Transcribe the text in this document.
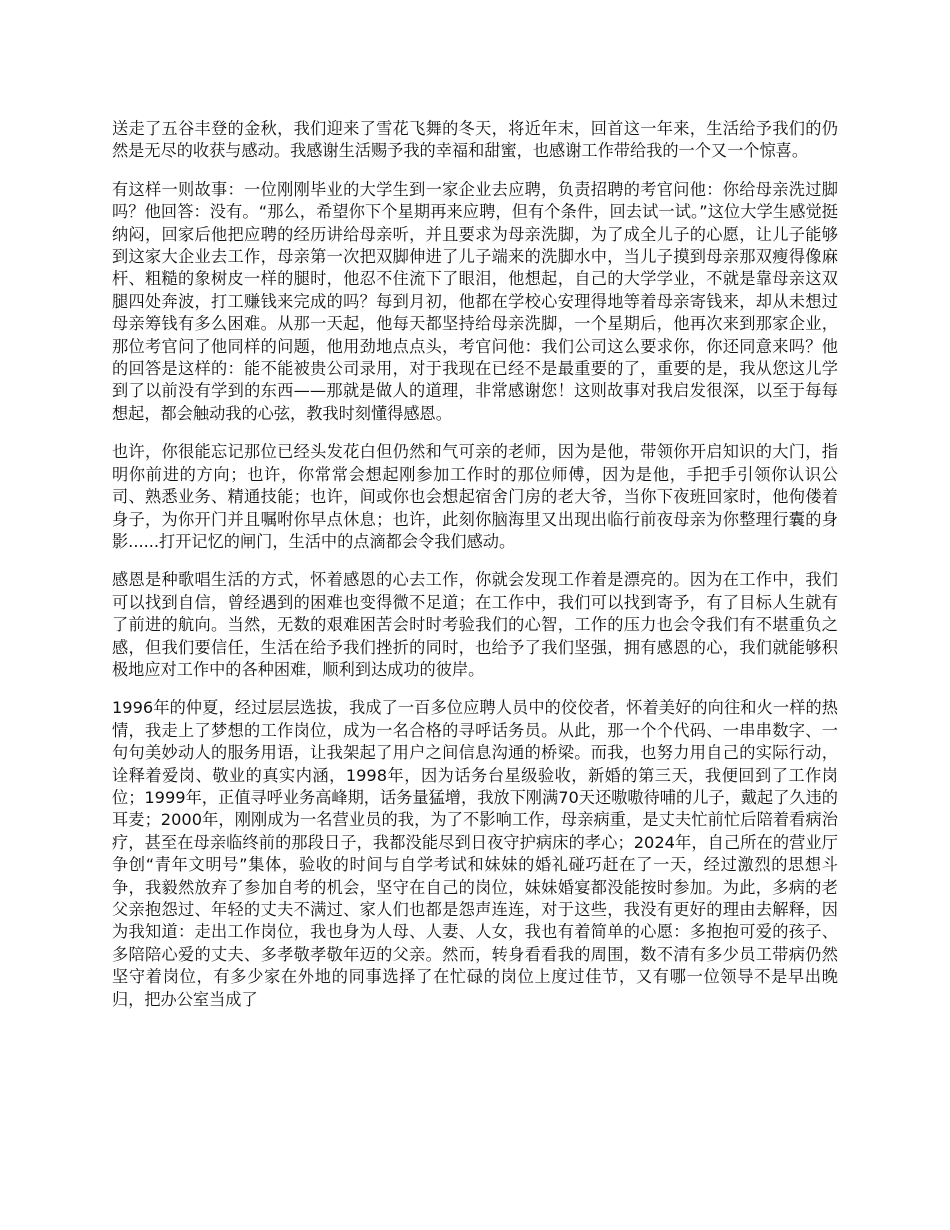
送走了五谷丰登的金秋，我们迎来了雪花飞舞的冬天，将近年末，回首这一年来，生活给予我们的仍然是无尽的收获与感动。我感谢生活赐予我的幸福和甜蜜，也感谢工作带给我的一个又一个惊喜。

有这样一则故事：一位刚刚毕业的大学生到一家企业去应聘，负责招聘的考官问他：你给母亲洗过脚吗？他回答：没有。“那么，希望你下个星期再来应聘，但有个条件，回去试一试。”这位大学生感觉挺纳闷，回家后他把应聘的经历讲给母亲听，并且要求为母亲洗脚，为了成全儿子的心愿，让儿子能够到这家大企业去工作，母亲第一次把双脚伸进了儿子端来的洗脚水中，当儿子摸到母亲那双瘦得像麻杆、粗糙的象树皮一样的腿时，他忍不住流下了眼泪，他想起，自己的大学学业，不就是靠母亲这双腿四处奔波，打工赚钱来完成的吗？每到月初，他都在学校心安理得地等着母亲寄钱来，却从未想过母亲筹钱有多么困难。从那一天起，他每天都坚持给母亲洗脚，一个星期后，他再次来到那家企业，那位考官问了他同样的问题，他用劲地点点头，考官问他：我们公司这么要求你，你还同意来吗？他的回答是这样的：能不能被贵公司录用，对于我现在已经不是最重要的了，重要的是，我从您这儿学到了以前没有学到的东西——那就是做人的道理，非常感谢您！这则故事对我启发很深，以至于每每想起，都会触动我的心弦，教我时刻懂得感恩。

也许，你很能忘记那位已经头发花白但仍然和气可亲的老师，因为是他，带领你开启知识的大门，指明你前进的方向；也许，你常常会想起刚参加工作时的那位师傅，因为是他，手把手引领你认识公司、熟悉业务、精通技能；也许，间或你也会想起宿舍门房的老大爷，当你下夜班回家时，他佝偻着身子，为你开门并且嘱咐你早点休息；也许，此刻你脑海里又出现出临行前夜母亲为你整理行囊的身影......打开记忆的闸门，生活中的点滴都会令我们感动。

感恩是种歌唱生活的方式，怀着感恩的心去工作，你就会发现工作着是漂亮的。因为在工作中，我们可以找到自信，曾经遇到的困难也变得微不足道；在工作中，我们可以找到寄予，有了目标人生就有了前进的航向。当然，无数的艰难困苦会时时考验我们的心智，工作的压力也会令我们有不堪重负之感，但我们要信任，生活在给予我们挫折的同时，也给予了我们坚强，拥有感恩的心，我们就能够积极地应对工作中的各种困难，顺利到达成功的彼岸。

1996年的仲夏，经过层层选拔，我成了一百多位应聘人员中的佼佼者，怀着美好的向往和火一样的热情，我走上了梦想的工作岗位，成为一名合格的寻呼话务员。从此，那一个个代码、一串串数字、一句句美妙动人的服务用语，让我架起了用户之间信息沟通的桥梁。而我，也努力用自己的实际行动，诠释着爱岗、敬业的真实内涵，1998年，因为话务台星级验收，新婚的第三天，我便回到了工作岗位；1999年，正值寻呼业务高峰期，话务量猛增，我放下刚满70天还嗷嗷待哺的儿子，戴起了久违的耳麦；2000年，刚刚成为一名营业员的我，为了不影响工作，母亲病重，是丈夫忙前忙后陪着看病治疗，甚至在母亲临终前的那段日子，我都没能尽到日夜守护病床的孝心；2024年，自己所在的营业厅争创“青年文明号”集体，验收的时间与自学考试和妹妹的婚礼碰巧赶在了一天，经过激烈的思想斗争，我毅然放弃了参加自考的机会，坚守在自己的岗位，妹妹婚宴都没能按时参加。为此，多病的老父亲抱怨过、年轻的丈夫不满过、家人们也都是怨声连连，对于这些，我没有更好的理由去解释，因为我知道：走出工作岗位，我也身为人母、人妻、人女，我也有着简单的心愿：多抱抱可爱的孩子、多陪陪心爱的丈夫、多孝敬孝敬年迈的父亲。然而，转身看看我的周围，数不清有多少员工带病仍然坚守着岗位，有多少家在外地的同事选择了在忙碌的岗位上度过佳节，又有哪一位领导不是早出晚归，把办公室当成了
